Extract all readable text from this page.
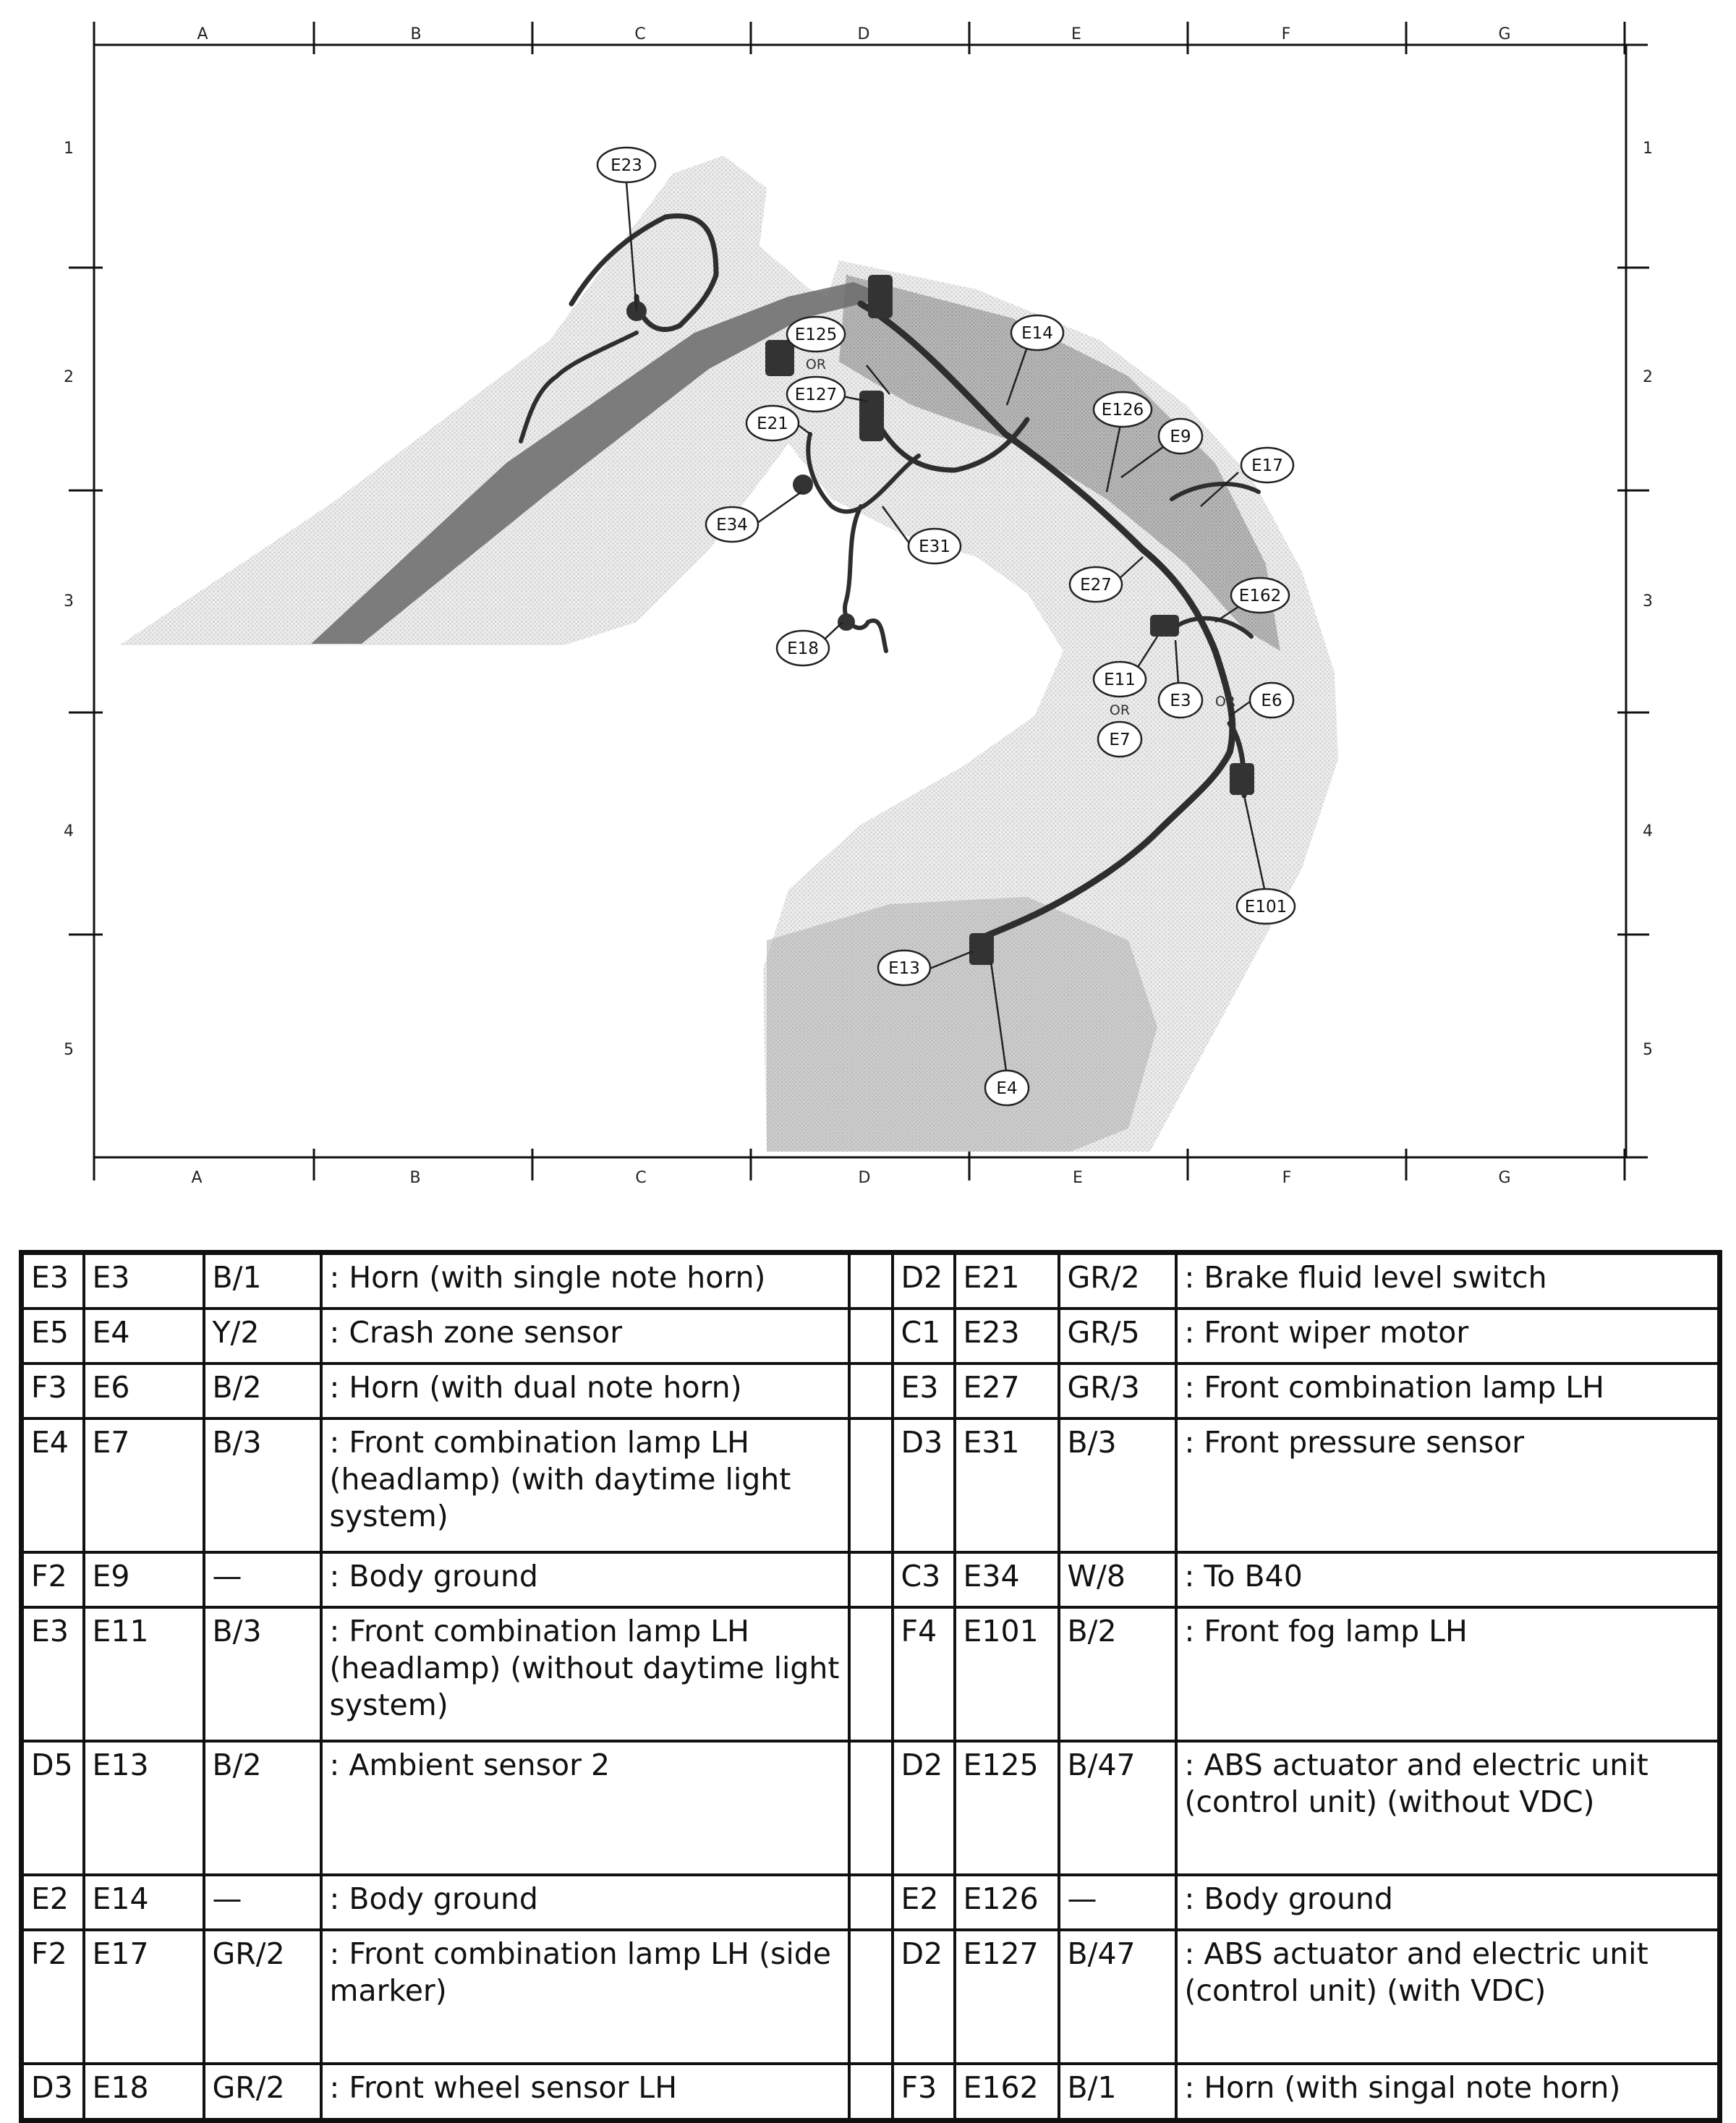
A	B	C	D	E	F	G
A	B	C	D	E	F	G
1
2
3
4
5
1
2
3
4
5
E23
E125
E127
E21
E34
E31
E18
E14
E126
E9
E17
E27
E162
E11
E7
E3	E6
E101
E13
E4
OR
OR
OR
E3	E3	B/1	: Horn (with single note horn)		D2	E21	GR/2	: Brake fluid level switch
E5	E4	Y/2	: Crash zone sensor		C1	E23	GR/5	: Front wiper motor
F3	E6	B/2	: Horn (with dual note horn)		E3	E27	GR/3	: Front combination lamp LH
E4	E7	B/3	: Front combination lamp LH (headlamp) (with daytime light system)		D3	E31	B/3	: Front pressure sensor
F2	E9	—	: Body ground		C3	E34	W/8	: To B40
E3	E11	B/3	: Front combination lamp LH (headlamp) (without daytime light system)		F4	E101	B/2	: Front fog lamp LH
D5	E13	B/2	: Ambient sensor 2		D2	E125	B/47	: ABS actuator and electric unit (control unit) (without VDC)
E2	E14	—	: Body ground		E2	E126	—	: Body ground
F2	E17	GR/2	: Front combination lamp LH (side marker)		D2	E127	B/47	: ABS actuator and electric unit (control unit) (with VDC)
D3	E18	GR/2	: Front wheel sensor LH		F3	E162	B/1	: Horn (with singal note horn)
